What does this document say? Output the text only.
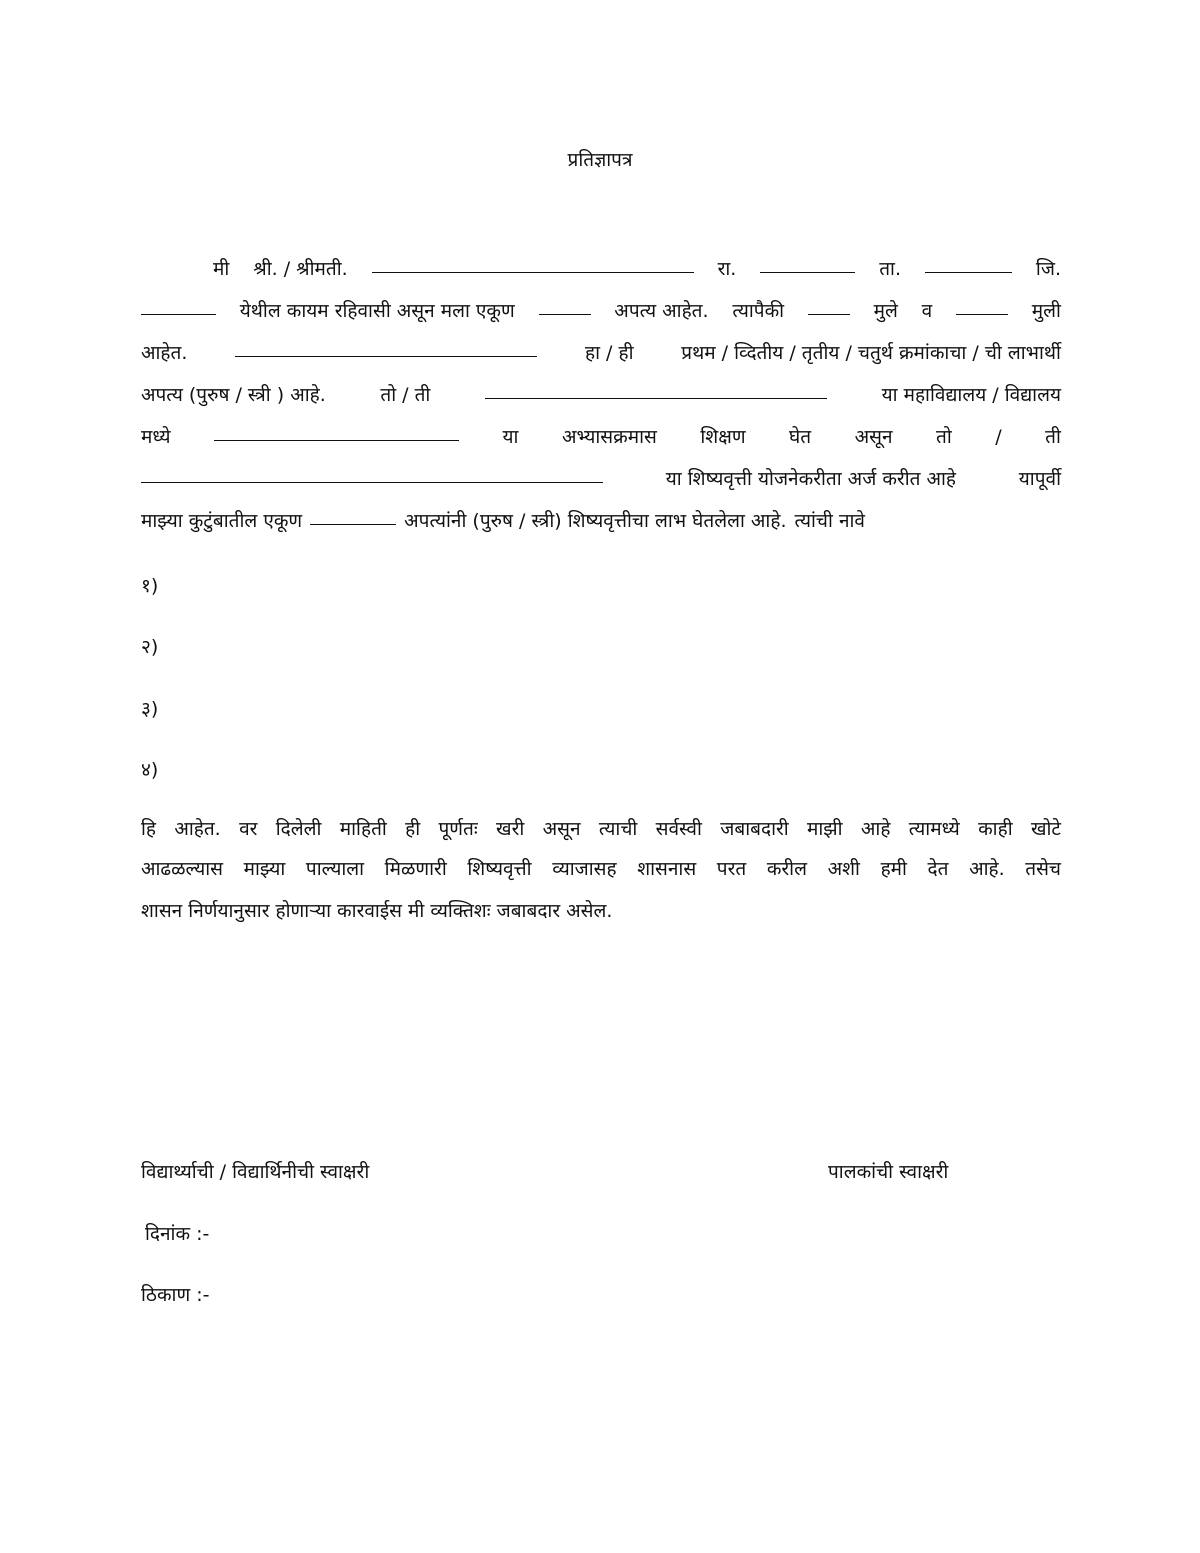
प्रतिज्ञापत्र
मी श्री. / श्रीमती.	रा.	ता.	जि.
येथील कायम रहिवासी असून मला एकूण	अपत्य आहेत. त्यापैकी	मुले व	मुली
आहेत.	हा / ही	प्रथम / व्दितीय / तृतीय / चतुर्थ क्रमांकाचा / ची लाभार्थी
अपत्य (पुरुष / स्त्री ) आहे.	तो / ती	या महाविद्यालय / विद्यालय
मध्ये	या अभ्यासक्रमास शिक्षण घेत असून तो / ती
या शिष्यवृत्ती योजनेकरीता अर्ज करीत आहे	यापूर्वी
माझ्या कुटुंबातील एकूण	अपत्यांनी (पुरुष / स्त्री) शिष्यवृत्तीचा लाभ घेतलेला आहे. त्यांची नावे
१)
२)
३)
४)
हि आहेत. वर दिलेली माहिती ही पूर्णतः खरी असून त्याची सर्वस्वी जबाबदारी माझी आहे त्यामध्ये काही खोटे
आढळल्यास माझ्या पाल्याला मिळणारी शिष्यवृत्ती व्याजासह शासनास परत करील अशी हमी देत आहे. तसेच
शासन निर्णयानुसार होणाऱ्या कारवाईस मी व्यक्तिशः जबाबदार असेल.
विद्यार्थ्याची / विद्यार्थिनीची स्वाक्षरी	पालकांची स्वाक्षरी
दिनांक :-
ठिकाण :-
